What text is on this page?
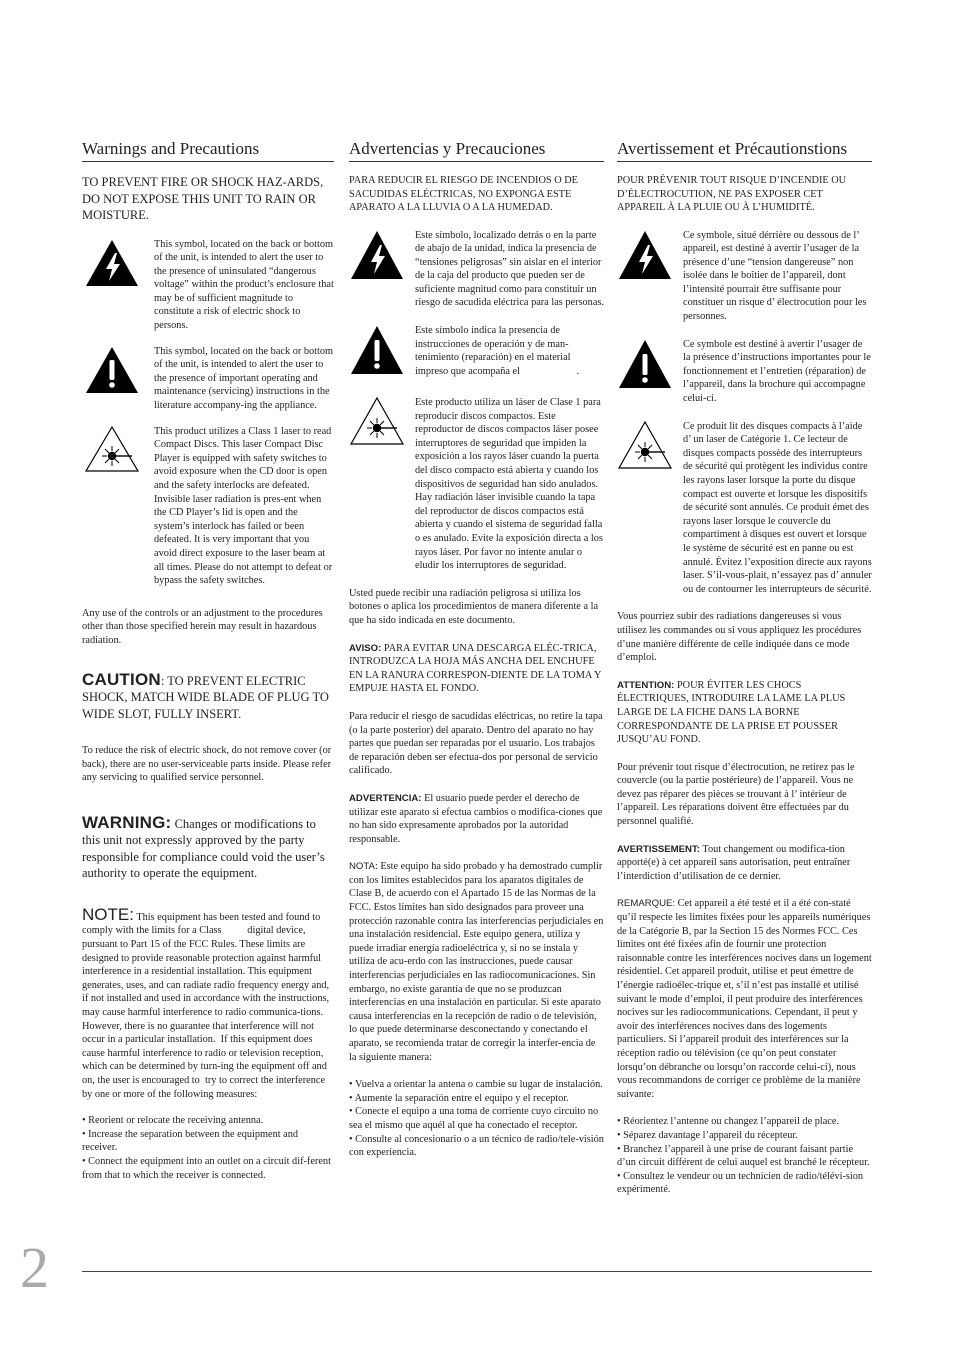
Warnings and Precautions

TO PREVENT FIRE OR SHOCK HAZ-ARDS, DO NOT EXPOSE THIS UNIT TO RAIN OR MOISTURE.

This symbol, located on the back or bottom of the unit, is intended to alert the user to the presence of uninsulated “dangerous voltage” within the product’s enclosure that may be of sufficient magnitude to constitute a risk of electric shock to persons.
This symbol, located on the back or bottom of the unit, is intended to alert the user to the presence of important operating and maintenance (servicing) instructions in the literature accompany-ing the appliance.
This product utilizes a Class 1 laser to read Compact Discs. This laser Compact Disc Player is equipped with safety switches to avoid exposure when the CD door is open and the safety interlocks are defeated. Invisible laser radiation is pres-ent when the CD Player’s lid is open and the system’s interlock has failed or been defeated. It is very important that you avoid direct exposure to the laser beam at all times. Please do not attempt to defeat or bypass the safety switches.

Any use of the controls or an adjustment to the procedures other than those specified herein may result in hazardous radiation.

CAUTION: TO PREVENT ELECTRIC SHOCK, MATCH WIDE BLADE OF PLUG TO WIDE SLOT, FULLY INSERT.

To reduce the risk of electric shock, do not remove cover (or back), there are no user-serviceable parts inside. Please refer any servicing to qualified service personnel.

WARNING: Changes or modifications to this unit not expressly approved by the party responsible for compliance could void the user’s authority to operate the equipment.

NOTE: This equipment has been tested and found to comply with the limits for a Class          digital device, pursuant to Part 15 of the FCC Rules. These limits are designed to provide reasonable protection against harmful interference in a residential installation. This equipment generates, uses, and can radiate radio frequency energy and, if not installed and used in accordance with the instructions, may cause harmful interference to radio communica-tions. However, there is no guarantee that interference will not occur in a particular installation.  If this equipment does cause harmful interference to radio or television reception, which can be determined by turn-ing the equipment off and on, the user is encouraged to  try to correct the interference by one or more of the following measures:

• Reorient or relocate the receiving antenna.

• Increase the separation between the equipment and receiver.

• Connect the equipment into an outlet on a circuit dif-ferent from that to which the receiver is connected.

Advertencias y Precauciones

PARA REDUCIR EL RIESGO DE INCENDIOS O DE SACUDIDAS ELÉCTRICAS, NO EXPONGA ESTE APARATO A LA LLUVIA O A LA HUMEDAD.

Este símbolo, localizado detrás o en la parte de abajo de la unidad, indica la presencia de “tensiones peligrosas” sin aislar en el interior de la caja del producto que pueden ser de suficiente magnitud como para constituir un riesgo de sacudida eléctrica para las personas.
Este símbolo indica la presencia de instrucciones de operación y de man-tenimiento (reparación) en el material impreso que acompaña el                      .
Este producto utiliza un láser de Clase 1 para reproducir discos compactos. Este reproductor de discos compactos láser posee interruptores de seguridad que impiden la exposición a los rayos láser cuando la puerta del disco compacto está abierta y cuando los dispositivos de seguridad han sido anulados. Hay radiación láser invisible cuando la tapa del reproductor de discos compactos está abierta y cuando el sistema de seguridad falla o es anulado. Evite la exposición directa a los rayos láser. Por favor no intente anular o eludir los interruptores de seguridad.

Usted puede recibir una radiación peligrosa si utiliza los botones o aplica los procedimientos de manera diferente a la que ha sido indicada en este documento.

AVISO: PARA EVITAR UNA DESCARGA ELÉC-TRICA, INTRODUZCA LA HOJA MÁS ANCHA DEL ENCHUFE EN LA RANURA CORRESPON-DIENTE DE LA TOMA Y EMPUJE HASTA EL FONDO.

Para reducir el riesgo de sacudidas eléctricas, no retire la tapa (o la parte posterior) del aparato. Dentro del aparato no hay partes que puedan ser reparadas por el usuario. Los trabajos de reparación deben ser efectua-dos por personal de servicio calificado.

ADVERTENCIA: El usuario puede perder el derecho de utilizar este aparato si efectua cambios o modifica-ciones que no han sido expresamente aprobados por la autoridad responsable.

NOTA: Este equipo ha sido probado y ha demostrado cumplir con los límites establecidos para los aparatos digitales de Clase B, de acuerdo con el Apartado 15 de las Normas de la FCC. Estos límites han sido designados para proveer una protección razonable contra las interferencias perjudiciales en una instalación residencial. Este equipo genera, utiliza y puede irradiar energía radioeléctrica y, si no se instala y utiliza de acu-erdo con las instrucciones, puede causar interferencias perjudiciales en las radiocomunicaciones. Sin embargo, no existe garantía de que no se produzcan interferencias en una instalación en particular. Si este aparato causa interferencias en la recepción de radio o de televisión, lo que puede determinarse desconectando y conectando el aparato, se recomienda tratar de corregir la interfer-encia de la siguiente manera:

• Vuelva a orientar la antena o cambie su lugar de instalación.

• Aumente la separación entre el equipo y el receptor.

• Conecte el equipo a una toma de corriente cuyo circuito no sea el mismo que aquél al que ha conectado el receptor.

• Consulte al concesionario o a un técnico de radio/tele-visión con experiencia.

Avertissement et Précautionstions

POUR PRÉVENIR TOUT RISQUE D’INCENDIE OU D’ÉLECTROCUTION, NE PAS EXPOSER CET APPAREIL À LA PLUIE OU À L’HUMIDITÉ.

Ce symbole, situé dérrière ou dessous de l’ appareil, est destiné à avertir l’usager de la présence d’une “tension dangereuse” non isolée dans le boîtier de l’appareil, dont l’intensité pourrait être suffisante pour constituer un risque d’ électrocution pour les personnes.
Ce symbole est destiné à avertir l’usager de la présence d’instructions importantes pour le fonctionnement et l’entretien (réparation) de l’appareil, dans la brochure qui accompagne celui-ci.
Ce produit lit des disques compacts à l’aide d’ un laser de Catégorie 1. Ce lecteur de disques compacts possède des interrupteurs de sécurité qui protègent les individus contre les rayons laser lorsque la porte du disque compact est ouverte et lorsque les dispositifs de sécurité sont annulés. Ce produit émet des rayons laser lorsque le couvercle du compartiment à disques est ouvert et lorsque le système de sécurité est en panne ou est annulé. Évitez l’exposition directe aux rayons laser. S’il-vous-plait, n’essayez pas d’ annuler ou de contourner les interrupteurs de sécurité.

Vous pourriez subir des radiations dangereuses si vous utilisez les commandes ou si vous appliquez les procédures d’une manière différente de celle indiquée dans ce mode d’emploi.

ATTENTION: POUR ÉVITER LES CHOCS ÉLECTRIQUES, INTRODUIRE LA LAME LA PLUS LARGE DE LA FICHE DANS LA BORNE CORRESPONDANTE DE LA PRISE ET POUSSER JUSQU’AU FOND.

Pour prévenir tout risque d’électrocution, ne retirez pas le couvercle (ou la partie postérieure) de l’appareil. Vous ne devez pas réparer des pièces se trouvant à l’ intérieur de l’appareil. Les réparations doivent être effectuées par du personnel qualifié.

AVERTISSEMENT: Tout changement ou modifica-tion apporté(e) à cet appareil sans autorisation, peut entraîner l’interdiction d’utilisation de ce dernier.

REMARQUE: Cet appareil a été testé et il a été con-staté qu’il respecte les limites fixées pour les appareils numériques de la Catégorie B, par la Section 15 des Normes FCC. Ces limites ont été fixées afin de fournir une protection raisonnable contre les interférences nocives dans un logement résidentiel. Cet appareil produit, utilise et peut émettre de l’énergie radioélec-trique et, s’il n’est pas installé et utilisé suivant le mode d’emploi, il peut produire des interférences nocives sur les radiocommunications. Cependant, il peut y avoir des interférences nocives dans des logements particuliers. Si l’appareil produit des interférences sur la réception radio ou télévision (ce qu’on peut constater lorsqu’on débranche ou lorsqu’on raccorde celui-ci), nous vous recommandons de corriger ce problème de la manière suivante:

• Réorientez l’antenne ou changez l’appareil de place.

• Séparez davantage l’appareil du récepteur.

• Branchez l’appareil à une prise de courant faisant partie d’un circuit différent de celui auquel est branché le récepteur.

• Consultez le vendeur ou un technicien de radio/télévi-sion expérimenté.

2
